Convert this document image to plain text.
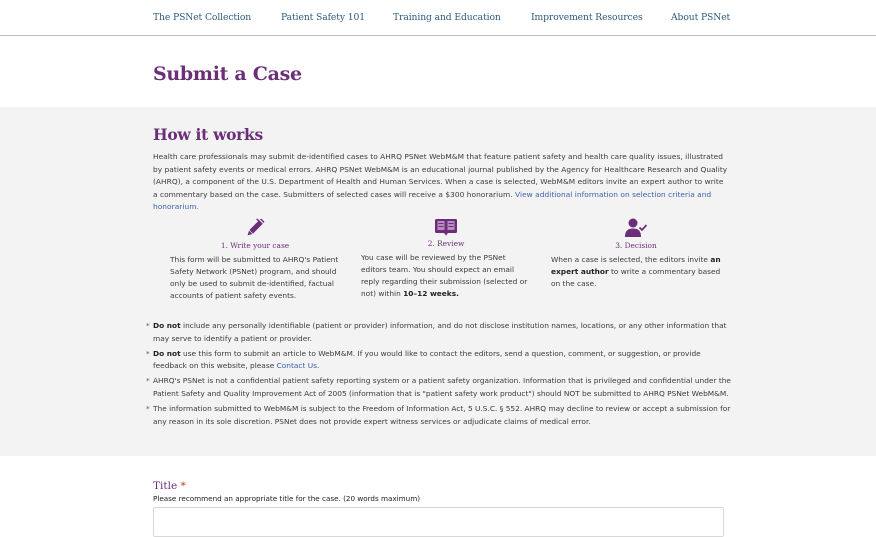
The PSNet Collection	Patient Safety 101	Training and Education	Improvement Resources	About PSNet
Submit a Case
How it works

Health care professionals may submit de-identified cases to AHRQ PSNet WebM&M that feature patient safety and health care quality issues, illustrated by patient safety events or medical errors. AHRQ PSNet WebM&M is an educational journal published by the Agency for Healthcare Research and Quality (AHRQ), a component of the U.S. Department of Health and Human Services. When a case is selected, WebM&M editors invite an expert author to write a commentary based on the case. Submitters of selected cases will receive a $300 honorarium. View additional information on selection criteria and honorarium.

1. Write your case
This form will be submitted to AHRQ's Patient Safety Network (PSNet) program, and should only be used to submit de-identified, factual accounts of patient safety events.
2. Review
You case will be reviewed by the PSNet editors team. You should expect an email reply regarding their submission (selected or not) within 10–12 weeks.
3. Decision
When a case is selected, the editors invite an expert author to write a commentary based on the case.
* Do not include any personally identifiable (patient or provider) information, and do not disclose institution names, locations, or any other information that may serve to identify a patient or provider.
* Do not use this form to submit an article to WebM&M. If you would like to contact the editors, send a question, comment, or suggestion, or provide feedback on this website, please Contact Us.
* AHRQ's PSNet is not a confidential patient safety reporting system or a patient safety organization. Information that is privileged and confidential under the Patient Safety and Quality Improvement Act of 2005 (information that is "patient safety work product") should NOT be submitted to AHRQ PSNet WebM&M.
* The information submitted to WebM&M is subject to the Freedom of Information Act, 5 U.S.C. § 552. AHRQ may decline to review or accept a submission for any reason in its sole discretion. PSNet does not provide expert witness services or adjudicate claims of medical error.
Title *
Please recommend an appropriate title for the case. (20 words maximum)
